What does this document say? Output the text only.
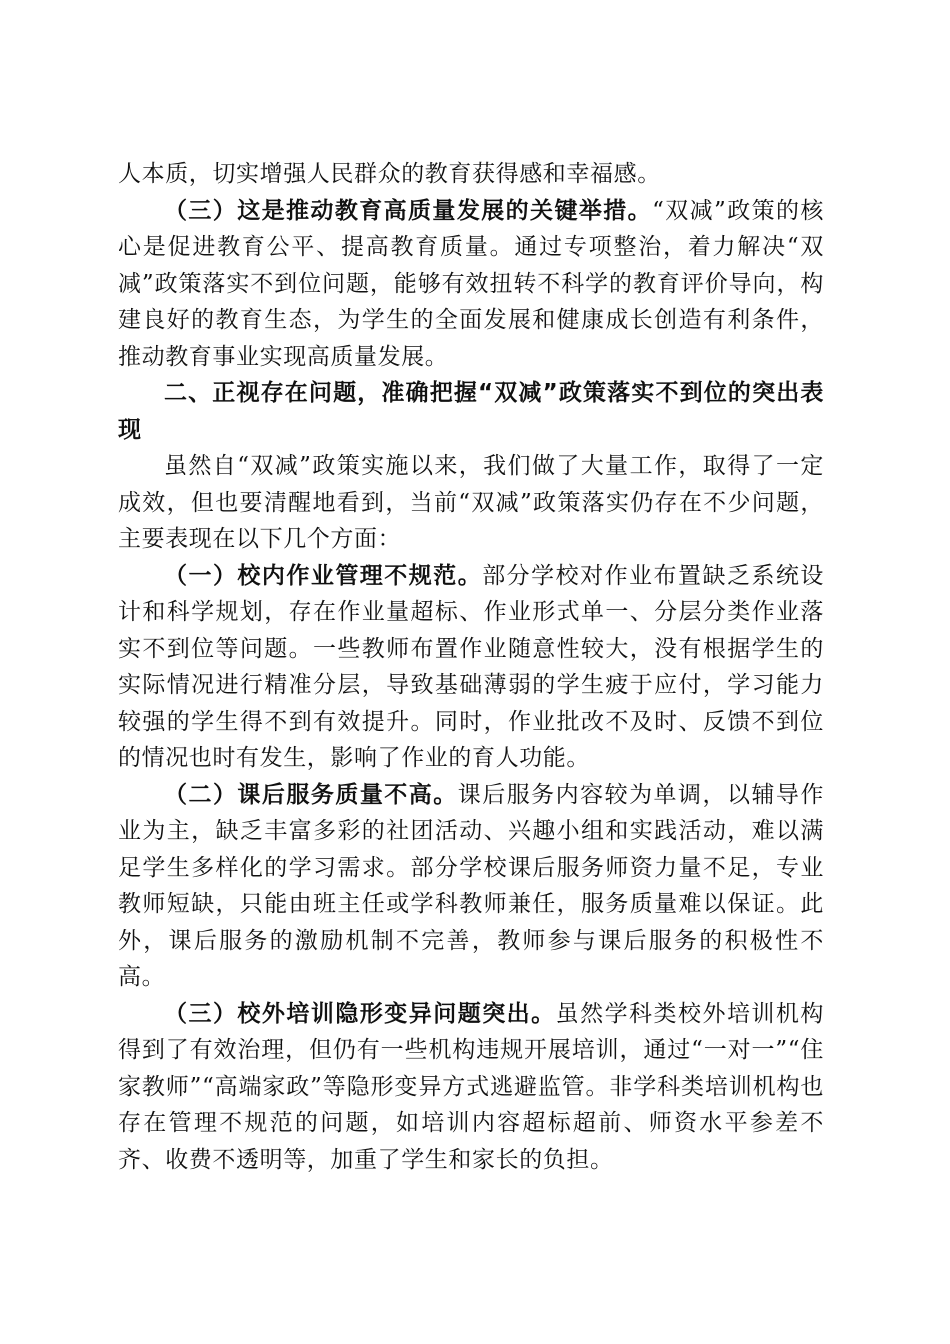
人本质，切实增强人民群众的教育获得感和幸福感。

（三）这是推动教育高质量发展的关键举措。“双减”政策的核心是促进教育公平、提高教育质量。通过专项整治，着力解决“双减”政策落实不到位问题，能够有效扭转不科学的教育评价导向，构建良好的教育生态，为学生的全面发展和健康成长创造有利条件，推动教育事业实现高质量发展。

二、正视存在问题，准确把握“双减”政策落实不到位的突出表现

虽然自“双减”政策实施以来，我们做了大量工作，取得了一定成效，但也要清醒地看到，当前“双减”政策落实仍存在不少问题，主要表现在以下几个方面：

（一）校内作业管理不规范。部分学校对作业布置缺乏系统设计和科学规划，存在作业量超标、作业形式单一、分层分类作业落实不到位等问题。一些教师布置作业随意性较大，没有根据学生的实际情况进行精准分层，导致基础薄弱的学生疲于应付，学习能力较强的学生得不到有效提升。同时，作业批改不及时、反馈不到位的情况也时有发生，影响了作业的育人功能。

（二）课后服务质量不高。课后服务内容较为单调，以辅导作业为主，缺乏丰富多彩的社团活动、兴趣小组和实践活动，难以满足学生多样化的学习需求。部分学校课后服务师资力量不足，专业教师短缺，只能由班主任或学科教师兼任，服务质量难以保证。此外，课后服务的激励机制不完善，教师参与课后服务的积极性不高。

（三）校外培训隐形变异问题突出。虽然学科类校外培训机构得到了有效治理，但仍有一些机构违规开展培训，通过“一对一”“住家教师”“高端家政”等隐形变异方式逃避监管。非学科类培训机构也存在管理不规范的问题，如培训内容超标超前、师资水平参差不齐、收费不透明等，加重了学生和家长的负担。
